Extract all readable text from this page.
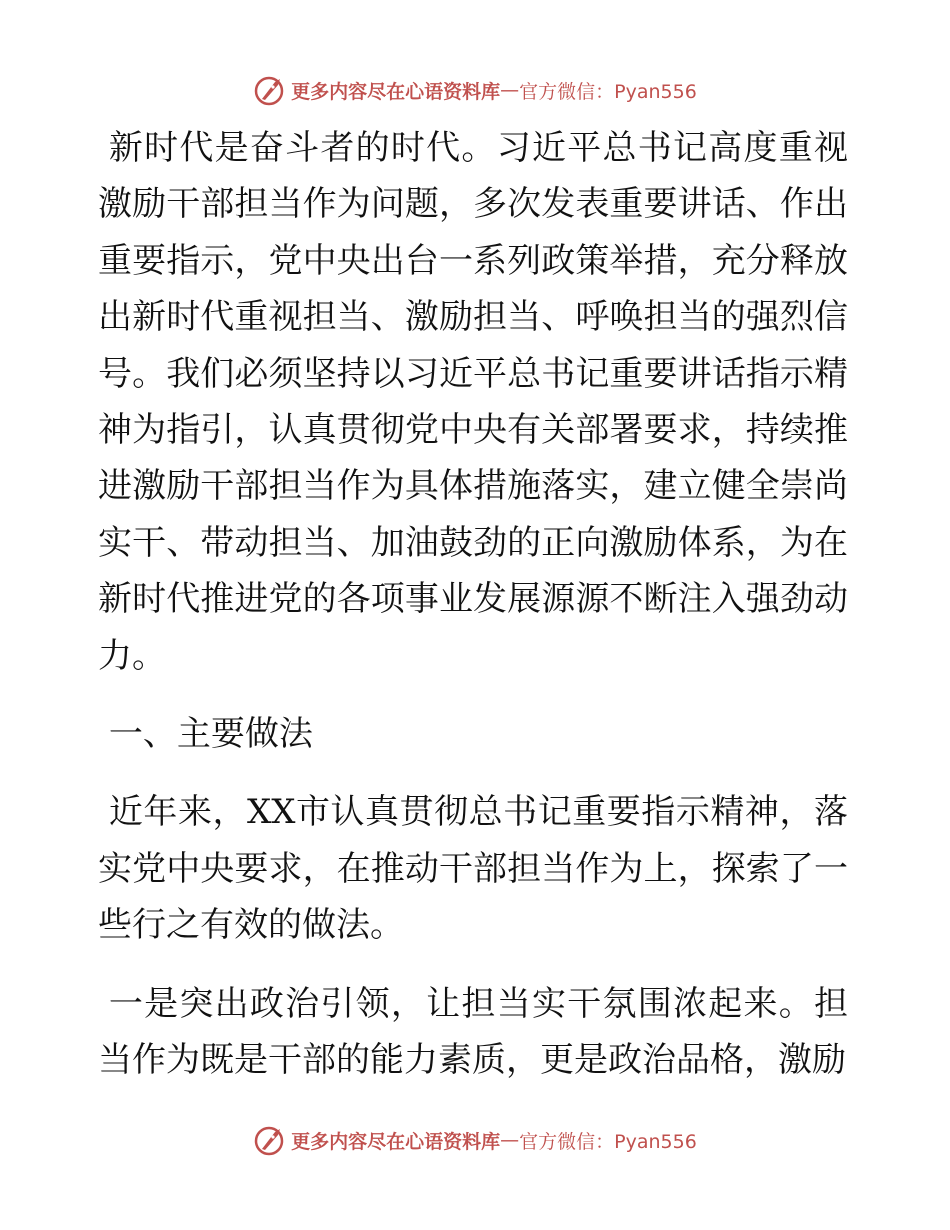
更多内容尽在心语资料库 — 官方微信：Pyan556

新时代是奋斗者的时代。习近平总书记高度重视激励干部担当作为问题，多次发表重要讲话、作出重要指示，党中央出台一系列政策举措，充分释放出新时代重视担当、激励担当、呼唤担当的强烈信号。我们必须坚持以习近平总书记重要讲话指示精神为指引，认真贯彻党中央有关部署要求，持续推进激励干部担当作为具体措施落实，建立健全崇尚实干、带动担当、加油鼓劲的正向激励体系，为在新时代推进党的各项事业发展源源不断注入强劲动力。

一、主要做法

近年来，XX市认真贯彻总书记重要指示精神，落实党中央要求，在推动干部担当作为上，探索了一些行之有效的做法。

一是突出政治引领，让担当实干氛围浓起来。担当作为既是干部的能力素质，更是政治品格，激励

更多内容尽在心语资料库 — 官方微信：Pyan556
